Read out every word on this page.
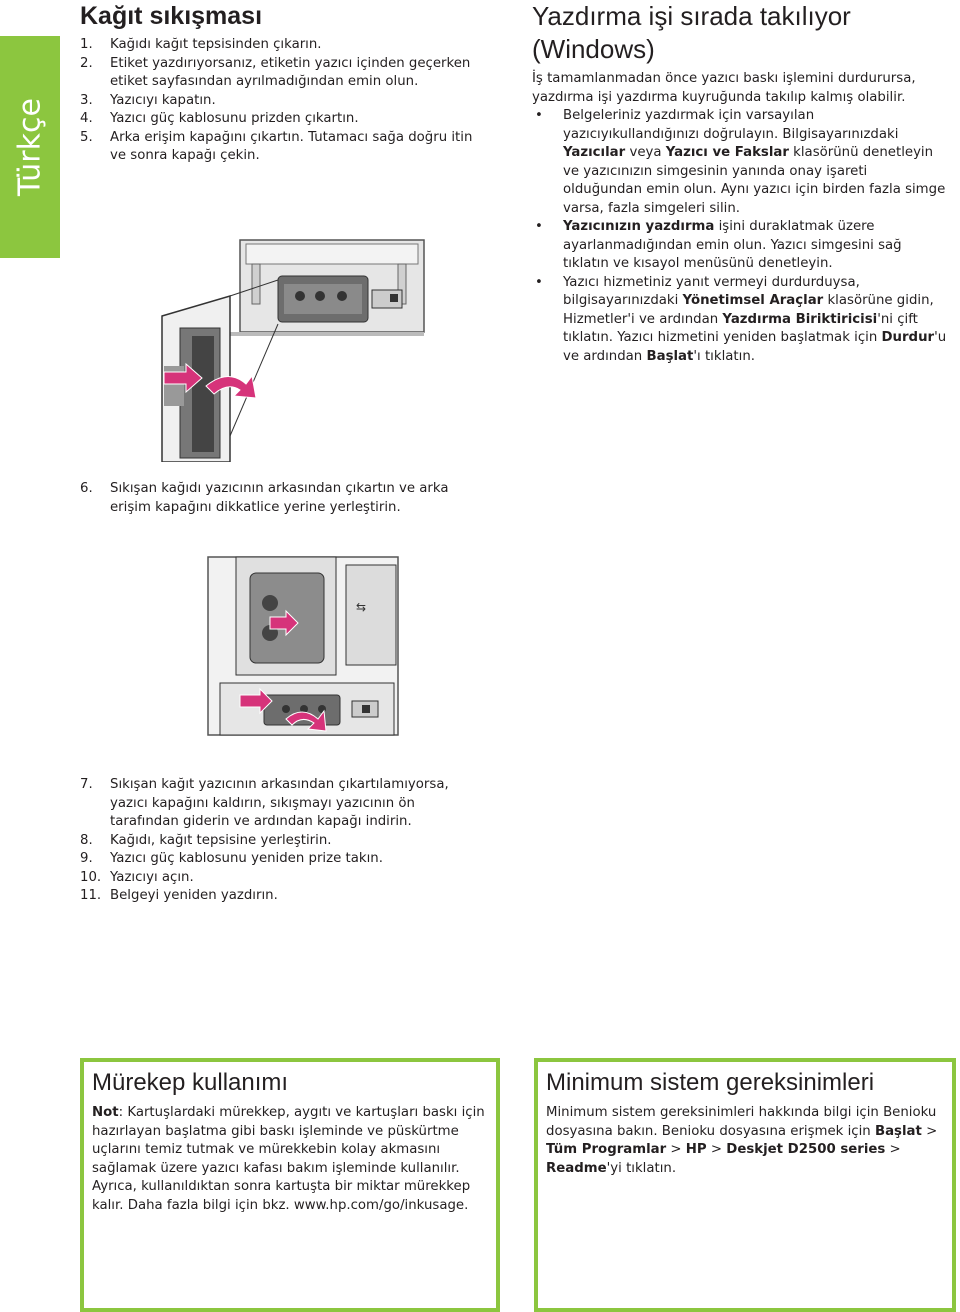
Türkçe
Kağıt sıkışması
1. Kağıdı kağıt tepsisinden çıkarın.
2. Etiket yazdırıyorsanız, etiketin yazıcı içinden geçerken etiket sayfasından ayrılmadığından emin olun.
3. Yazıcıyı kapatın.
4. Yazıcı güç kablosunu prizden çıkartın.
5. Arka erişim kapağını çıkartın. Tutamacı sağa doğru itin ve sonra kapağı çekin.
6. Sıkışan kağıdı yazıcının arkasından çıkartın ve arka erişim kapağını dikkatlice yerine yerleştirin.
⇆
7. Sıkışan kağıt yazıcının arkasından çıkartılamıyorsa, yazıcı kapağını kaldırın, sıkışmayı yazıcının ön tarafından giderin ve ardından kapağı indirin.
8. Kağıdı, kağıt tepsisine yerleştirin.
9. Yazıcı güç kablosunu yeniden prize takın.
10. Yazıcıyı açın.
11. Belgeyi yeniden yazdırın.
Yazdırma işi sırada takılıyor (Windows)

İş tamamlanmadan önce yazıcı baskı işlemini durdurursa, yazdırma işi yazdırma kuyruğunda takılıp kalmış olabilir.

• Belgeleriniz yazdırmak için varsayılan yazıcıyıkullandığınızı doğrulayın. Bilgisayarınızdaki Yazıcılar veya Yazıcı ve Fakslar klasörünü denetleyin ve yazıcınızın simgesinin yanında onay işareti olduğundan emin olun. Aynı yazıcı için birden fazla simge varsa, fazla simgeleri silin.
• Yazıcınızın yazdırma işini duraklatmak üzere ayarlanmadığından emin olun. Yazıcı simgesini sağ tıklatın ve kısayol menüsünü denetleyin.
• Yazıcı hizmetiniz yanıt vermeyi durdurduysa, bilgisayarınızdaki Yönetimsel Araçlar klasörüne gidin, Hizmetler'i ve ardından Yazdırma Biriktiricisi'ni çift tıklatın. Yazıcı hizmetini yeniden başlatmak için Durdur'u ve ardından Başlat'ı tıklatın.
Mürekep kullanımı

Not: Kartuşlardaki mürekkep, aygıtı ve kartuşları baskı için hazırlayan başlatma gibi baskı işleminde ve püskürtme uçlarını temiz tutmak ve mürekkebin kolay akmasını sağlamak üzere yazıcı kafası bakım işleminde kullanılır. Ayrıca, kullanıldıktan sonra kartuşta bir miktar mürekkep kalır. Daha fazla bilgi için bkz. www.hp.com/go/inkusage.

Minimum sistem gereksinimleri

Minimum sistem gereksinimleri hakkında bilgi için Benioku dosyasına bakın. Benioku dosyasına erişmek için Başlat > Tüm Programlar > HP > Deskjet D2500 series > Readme'yi tıklatın.
